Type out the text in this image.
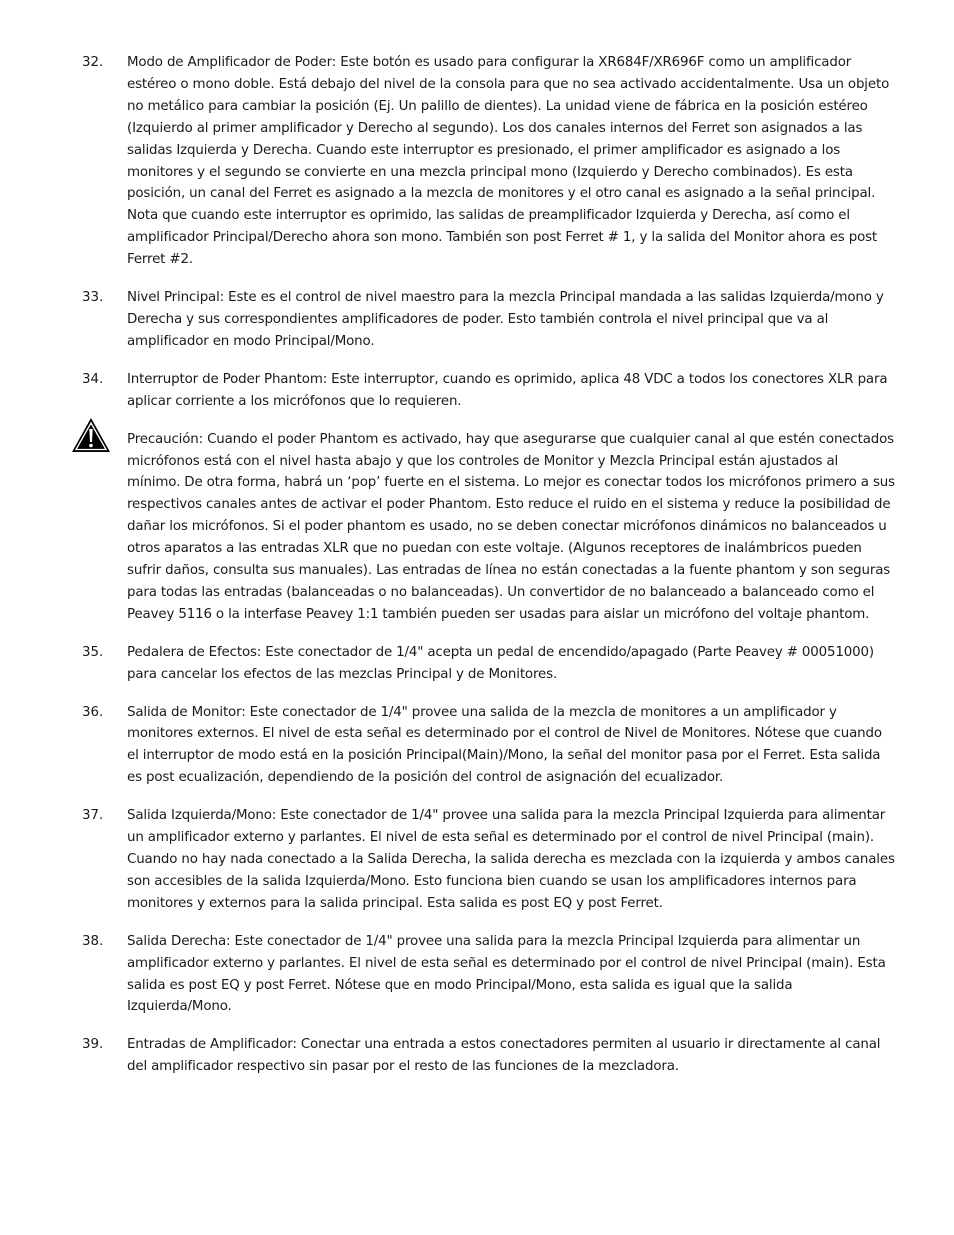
32. Modo de Amplificador de Poder: Este botón es usado para configurar la XR684F/XR696F como un amplificador estéreo o mono doble. Está debajo del nivel de la consola para que no sea activado accidentalmente. Usa un objeto no metálico para cambiar la posición (Ej. Un palillo de dientes). La unidad viene de fábrica en la posición estéreo (Izquierdo al primer amplificador y Derecho al segundo). Los dos canales internos del Ferret son asignados a las salidas Izquierda y Derecha. Cuando este interruptor es presionado, el primer amplificador es asignado a los monitores y el segundo se convierte en una mezcla principal mono (Izquierdo y Derecho combinados). Es esta posición, un canal del Ferret es asignado a la mezcla de monitores y el otro canal es asignado a la señal principal. Nota que cuando este interruptor es oprimido, las salidas de preamplificador Izquierda y Derecha, así como el amplificador Principal/Derecho ahora son mono. También son post Ferret # 1, y la salida del Monitor ahora es post Ferret #2.
33. Nivel Principal: Este es el control de nivel maestro para la mezcla Principal mandada a las salidas Izquierda/mono y Derecha y sus correspondientes amplificadores de poder. Esto también controla el nivel principal que va al amplificador en modo Principal/Mono.
34. Interruptor de Poder Phantom: Este interruptor, cuando es oprimido, aplica 48 VDC a todos los conectores XLR para aplicar corriente a los micrófonos que lo requieren.
Precaución: Cuando el poder Phantom es activado, hay que asegurarse que cualquier canal al que estén conectados micrófonos está con el nivel hasta abajo y que los controles de Monitor y Mezcla Principal están ajustados al mínimo. De otra forma, habrá un ‘pop’ fuerte en el sistema. Lo mejor es conectar todos los micrófonos primero a sus respectivos canales antes de activar el poder Phantom. Esto reduce el ruido en el sistema y reduce la posibilidad de dañar los micrófonos. Si el poder phantom es usado, no se deben conectar micrófonos dinámicos no balanceados u otros aparatos a las entradas XLR que no puedan con este voltaje. (Algunos receptores de inalámbricos pueden sufrir daños, consulta sus manuales). Las entradas de línea no están conectadas a la fuente phantom y son seguras para todas las entradas (balanceadas o no balanceadas). Un convertidor de no balanceado a balanceado como el Peavey 5116 o la interfase Peavey 1:1 también pueden ser usadas para aislar un micrófono del voltaje phantom.
35. Pedalera de Efectos: Este conectador de 1/4" acepta un pedal de encendido/apagado (Parte Peavey # 00051000) para cancelar los efectos de las mezclas Principal y de Monitores.
36. Salida de Monitor: Este conectador de 1/4" provee una salida de la mezcla de monitores a un amplificador y monitores externos. El nivel de esta señal es determinado por el control de Nivel de Monitores. Nótese que cuando el interruptor de modo está en la posición Principal(Main)/Mono, la señal del monitor pasa por el Ferret. Esta salida es post ecualización, dependiendo de la posición del control de asignación del ecualizador.
37. Salida Izquierda/Mono: Este conectador de 1/4" provee una salida para la mezcla Principal Izquierda para alimentar un amplificador externo y parlantes. El nivel de esta señal es determinado por el control de nivel Principal (main). Cuando no hay nada conectado a la Salida Derecha, la salida derecha es mezclada con la izquierda y ambos canales son accesibles de la salida Izquierda/Mono. Esto funciona bien cuando se usan los amplificadores internos para monitores y externos para la salida principal. Esta salida es post EQ y post Ferret.
38. Salida Derecha: Este conectador de 1/4" provee una salida para la mezcla Principal Izquierda para alimentar un amplificador externo y parlantes. El nivel de esta señal es determinado por el control de nivel Principal (main). Esta salida es post EQ y post Ferret. Nótese que en modo Principal/Mono, esta salida es igual que la salida Izquierda/Mono.
39. Entradas de Amplificador: Conectar una entrada a estos conectadores permiten al usuario ir directamente al canal del amplificador respectivo sin pasar por el resto de las funciones de la mezcladora.
